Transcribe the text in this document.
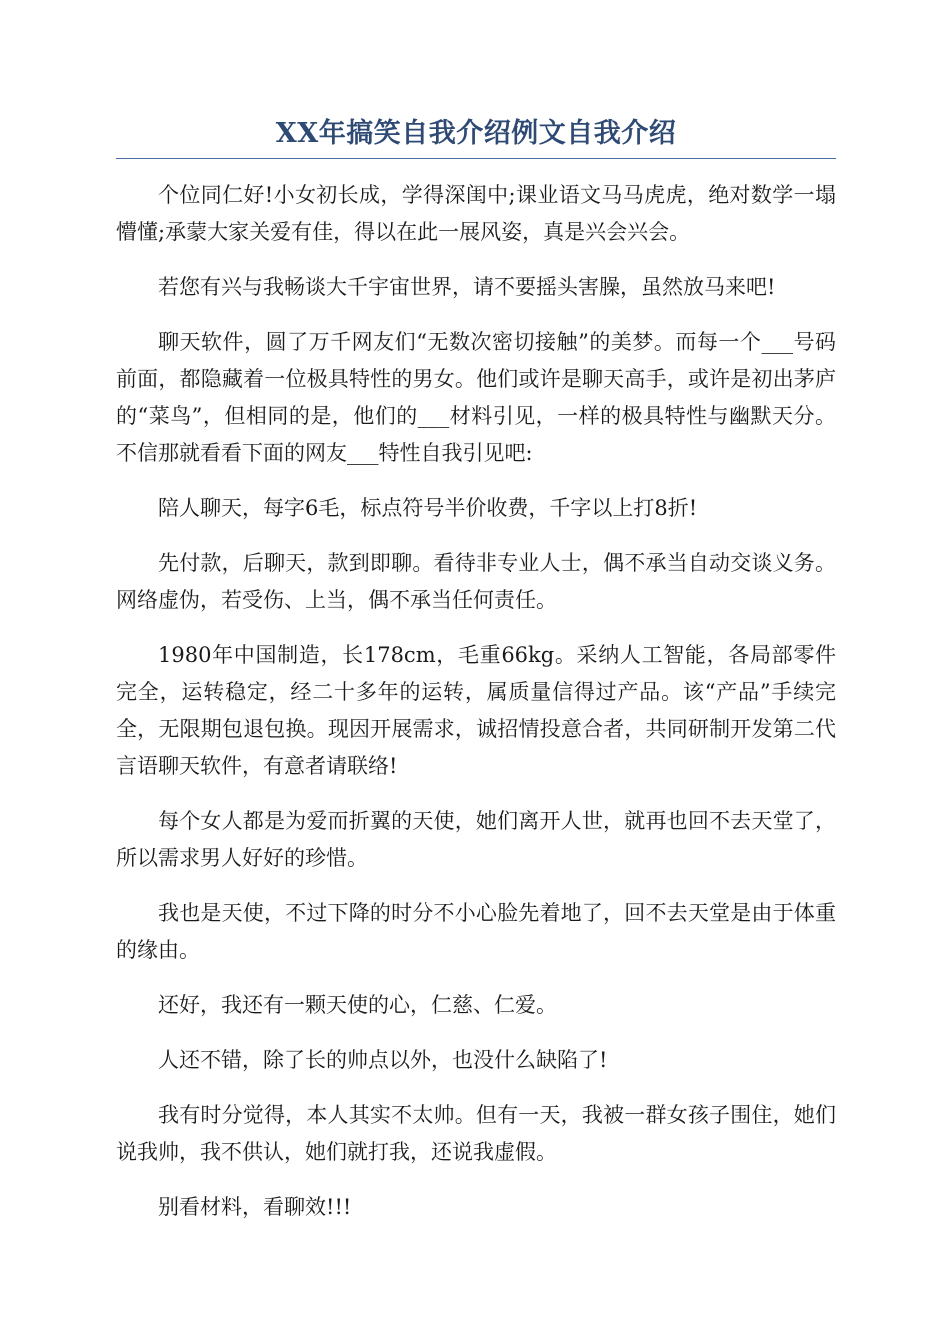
XX年搞笑自我介绍例文自我介绍

个位同仁好!小女初长成，学得深闺中;课业语文马马虎虎，绝对数学一塌懵懂;承蒙大家关爱有佳，得以在此一展风姿，真是兴会兴会。

若您有兴与我畅谈大千宇宙世界，请不要摇头害臊，虽然放马来吧!

聊天软件，圆了万千网友们“无数次密切接触”的美梦。而每一个___号码前面，都隐藏着一位极具特性的男女。他们或许是聊天高手，或许是初出茅庐的“菜鸟”，但相同的是，他们的___材料引见，一样的极具特性与幽默天分。不信那就看看下面的网友___特性自我引见吧:

陪人聊天，每字6毛，标点符号半价收费，千字以上打8折!

先付款，后聊天，款到即聊。看待非专业人士，偶不承当自动交谈义务。网络虚伪，若受伤、上当，偶不承当任何责任。

1980年中国制造，长178cm，毛重66kg。采纳人工智能，各局部零件完全，运转稳定，经二十多年的运转，属质量信得过产品。该“产品”手续完全，无限期包退包换。现因开展需求，诚招情投意合者，共同研制开发第二代言语聊天软件，有意者请联络!

每个女人都是为爱而折翼的天使，她们离开人世，就再也回不去天堂了，所以需求男人好好的珍惜。

我也是天使，不过下降的时分不小心脸先着地了，回不去天堂是由于体重的缘由。

还好，我还有一颗天使的心，仁慈、仁爱。

人还不错，除了长的帅点以外，也没什么缺陷了!

我有时分觉得，本人其实不太帅。但有一天，我被一群女孩子围住，她们说我帅，我不供认，她们就打我，还说我虚假。

别看材料，看聊效!!!
